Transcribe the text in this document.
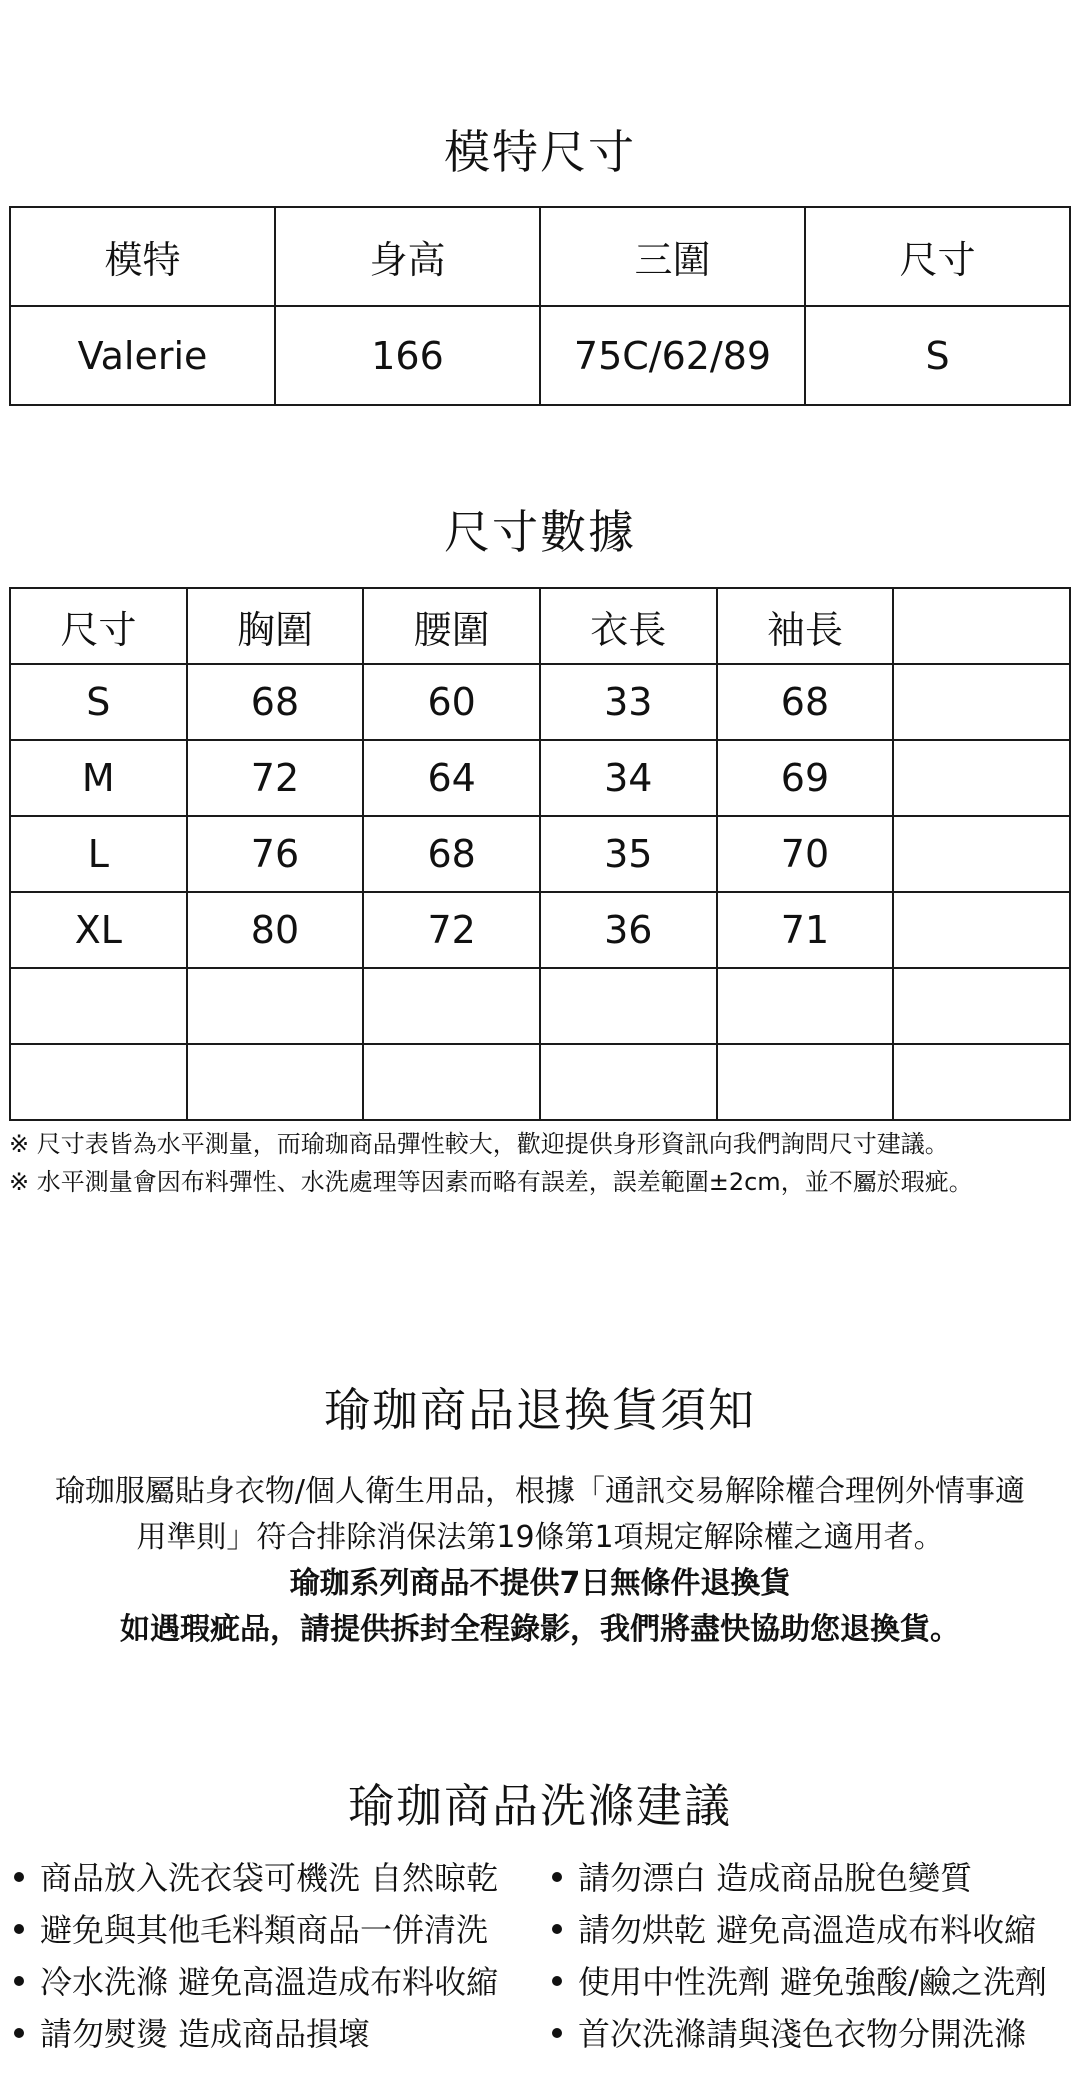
模特尺寸
模特	身高	三圍	尺寸
Valerie	166	75C/62/89	S
尺寸數據
尺寸	胸圍	腰圍	衣長	袖長	
S	68	60	33	68	
M	72	64	34	69	
L	76	68	35	70	
XL	80	72	36	71	

※ 尺寸表皆為水平測量，而瑜珈商品彈性較大，歡迎提供身形資訊向我們詢問尺寸建議。

※ 水平測量會因布料彈性、水洗處理等因素而略有誤差，誤差範圍±2cm，並不屬於瑕疵。

瑜珈商品退換貨須知

瑜珈服屬貼身衣物/個人衛生用品，根據「通訊交易解除權合理例外情事適

用準則」符合排除消保法第19條第1項規定解除權之適用者。

瑜珈系列商品不提供7日無條件退換貨

如遇瑕疵品，請提供拆封全程錄影，我們將盡快協助您退換貨。

瑜珈商品洗滌建議
商品放入洗衣袋可機洗 自然晾乾
避免與其他毛料類商品一併清洗
冷水洗滌 避免高溫造成布料收縮
請勿熨燙 造成商品損壞
請勿漂白 造成商品脫色變質
請勿烘乾 避免高溫造成布料收縮
使用中性洗劑 避免強酸/鹼之洗劑
首次洗滌請與淺色衣物分開洗滌
